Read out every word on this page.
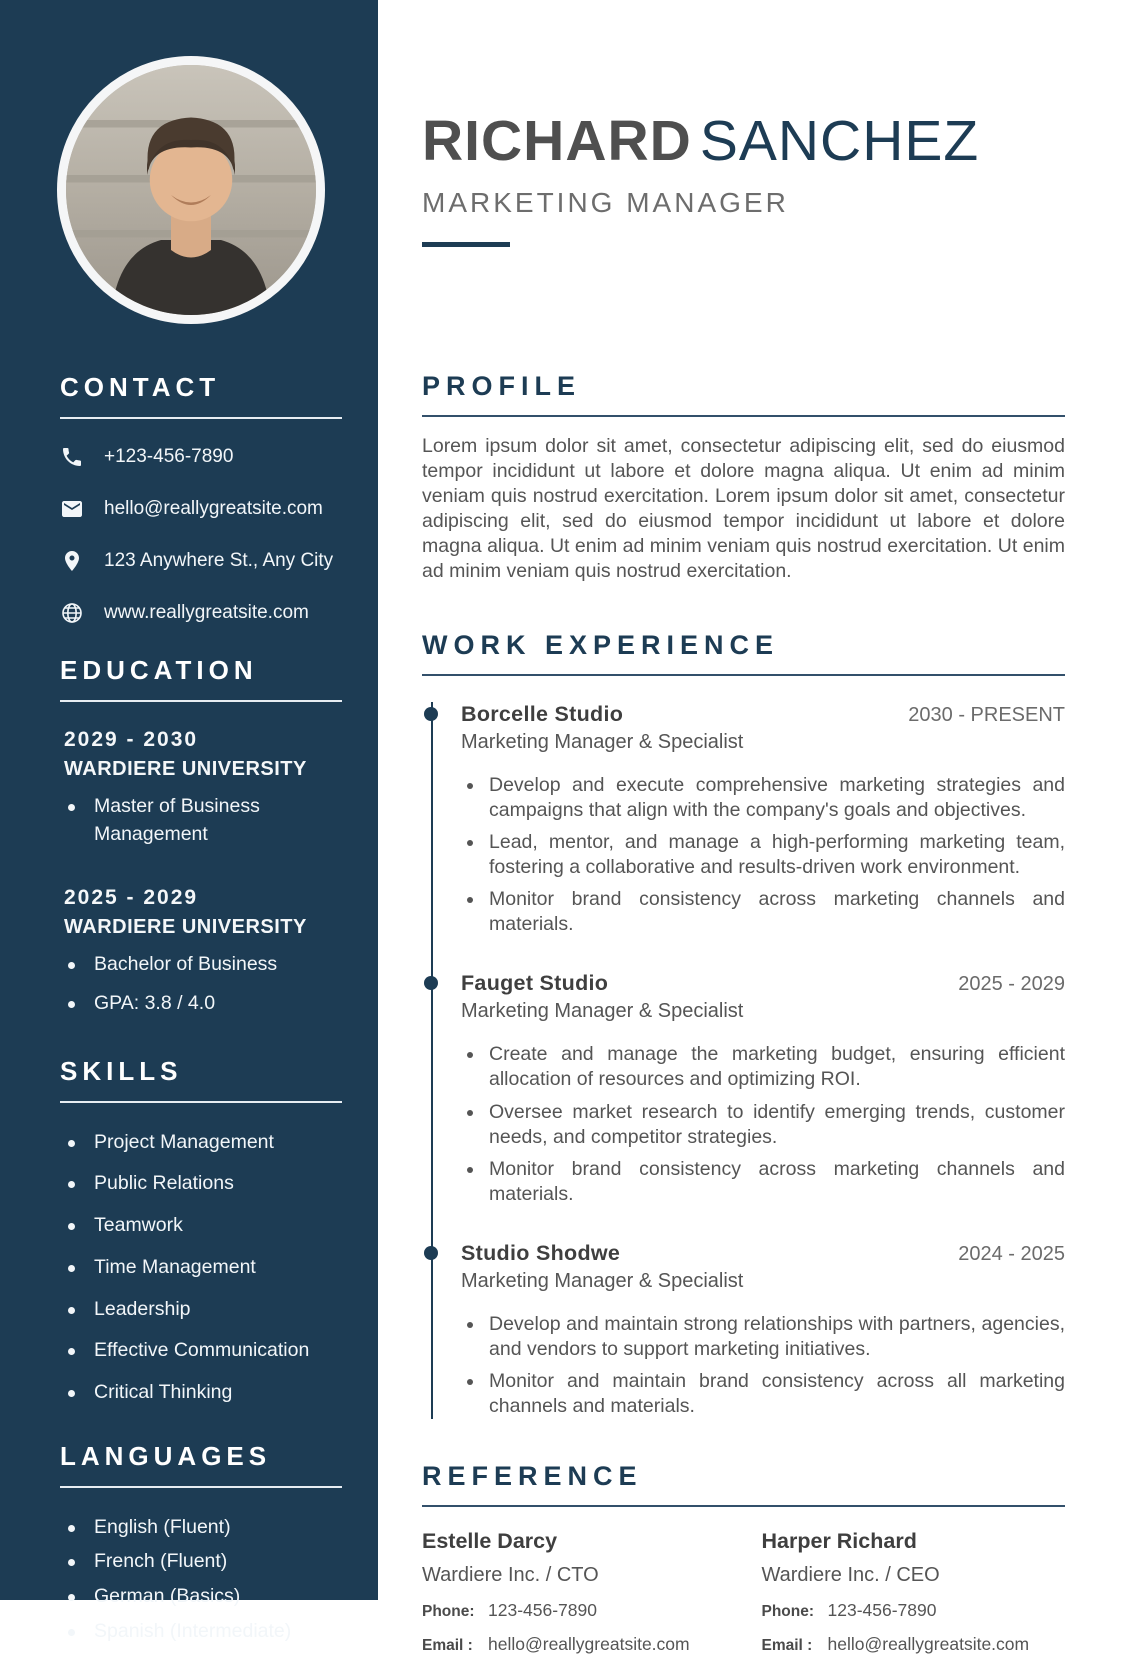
CONTACT
+123-456-7890
hello@reallygreatsite.com
123 Anywhere St., Any City
www.reallygreatsite.com
EDUCATION
2029 - 2030
WARDIERE UNIVERSITY
Master of Business Management
2025 - 2029
WARDIERE UNIVERSITY
Bachelor of Business
GPA: 3.8 / 4.0
SKILLS
Project Management
Public Relations
Teamwork
Time Management
Leadership
Effective Communication
Critical Thinking
LANGUAGES
English (Fluent)
French (Fluent)
German (Basics)
Spanish (Intermediate)
RICHARD SANCHEZ
MARKETING MANAGER
PROFILE

Lorem ipsum dolor sit amet, consectetur adipiscing elit, sed do eiusmod tempor incididunt ut labore et dolore magna aliqua. Ut enim ad minim veniam quis nostrud exercitation. Lorem ipsum dolor sit amet, consectetur adipiscing elit, sed do eiusmod tempor incididunt ut labore et dolore magna aliqua. Ut enim ad minim veniam quis nostrud exercitation. Ut enim ad minim veniam quis nostrud exercitation.

WORK EXPERIENCE
Borcelle Studio	2030 - PRESENT
Marketing Manager & Specialist
Develop and execute comprehensive marketing strategies and campaigns that align with the company's goals and objectives.
Lead, mentor, and manage a high-performing marketing team, fostering a collaborative and results-driven work environment.
Monitor brand consistency across marketing channels and materials.
Fauget Studio	2025 - 2029
Marketing Manager & Specialist
Create and manage the marketing budget, ensuring efficient allocation of resources and optimizing ROI.
Oversee market research to identify emerging trends, customer needs, and competitor strategies.
Monitor brand consistency across marketing channels and materials.
Studio Shodwe	2024 - 2025
Marketing Manager & Specialist
Develop and maintain strong relationships with partners, agencies, and vendors to support marketing initiatives.
Monitor and maintain brand consistency across all marketing channels and materials.
REFERENCE
Estelle Darcy
Wardiere Inc. / CTO
Phone: 123-456-7890
Email : hello@reallygreatsite.com
Harper Richard
Wardiere Inc. / CEO
Phone: 123-456-7890
Email : hello@reallygreatsite.com
